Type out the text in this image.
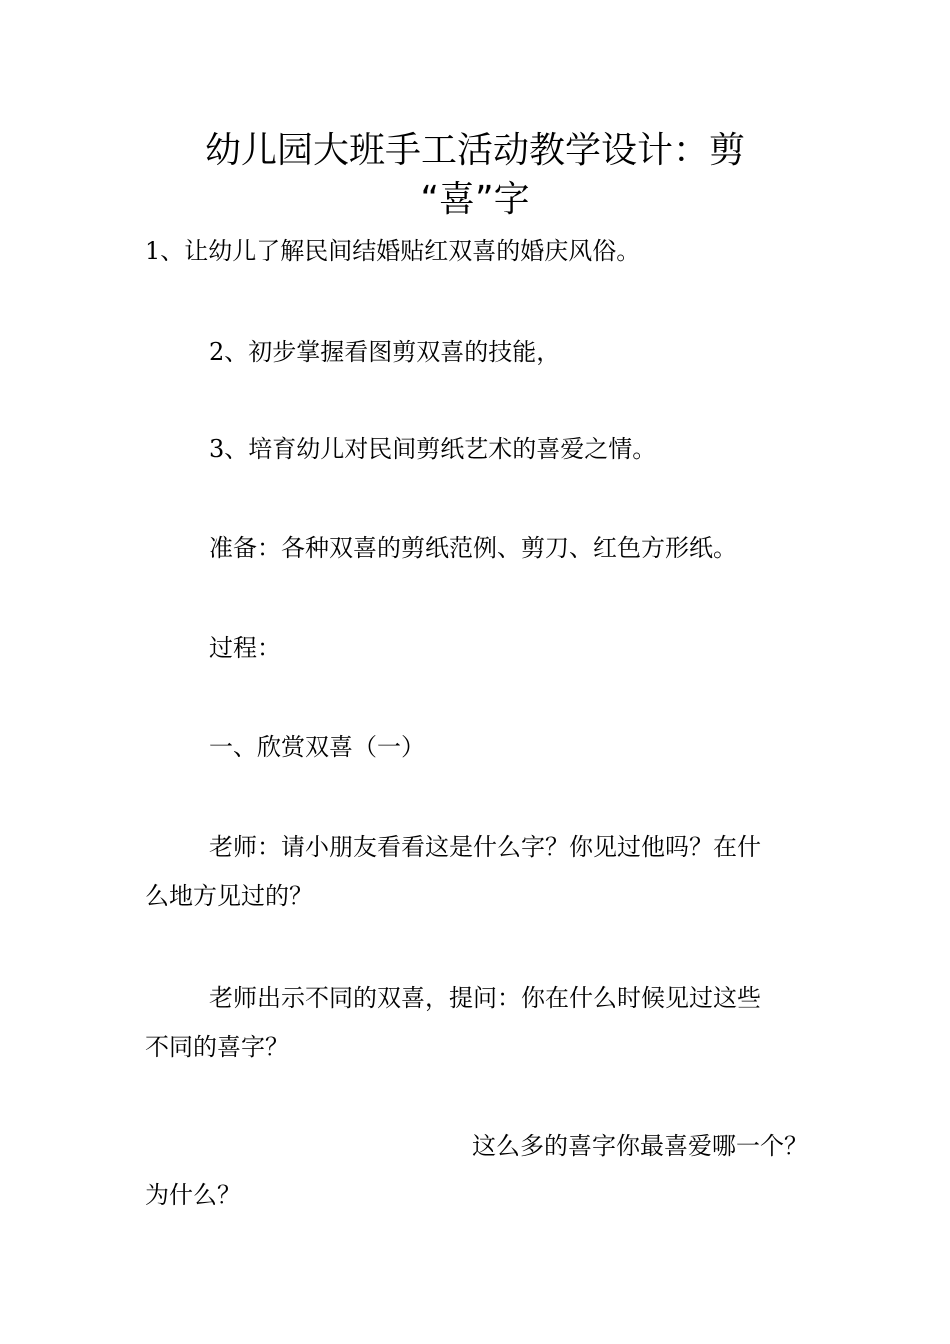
幼儿园大班手工活动教学设计：剪
“喜”字
1、让幼儿了解民间结婚贴红双喜的婚庆风俗。
2、初步掌握看图剪双喜的技能，
3、培育幼儿对民间剪纸艺术的喜爱之情。
准备：各种双喜的剪纸范例、剪刀、红色方形纸。
过程：
一、欣赏双喜（一）
老师：请小朋友看看这是什么字？你见过他吗？在什
么地方见过的？
老师出示不同的双喜，提问：你在什么时候见过这些
不同的喜字？
这么多的喜字你最喜爱哪一个？
为什么？
